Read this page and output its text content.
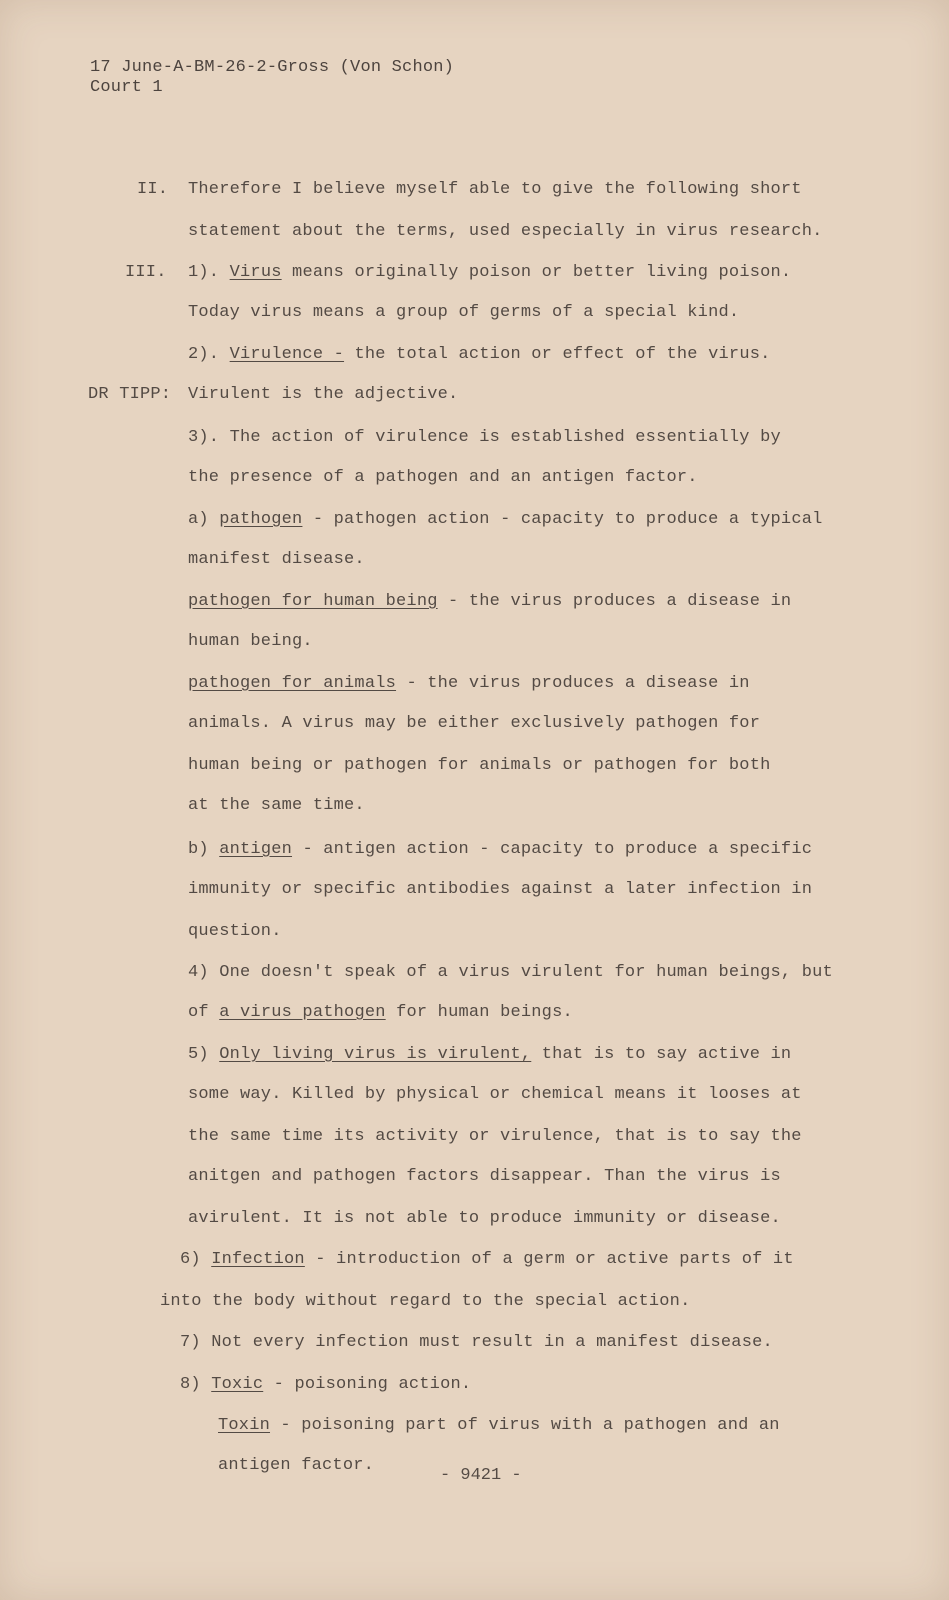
17 June-A-BM-26-2-Gross (Von Schon)
Court 1
II. Therefore I believe myself able to give the following short
statement about the terms, used especially in virus research.
III. 1). Virus means originally poison or better living poison.
Today virus means a group of germs of a special kind.
2). Virulence - the total action or effect of the virus.
DR TIPP: Virulent is the adjective.
3). The action of virulence is established essentially by
the presence of a pathogen and an antigen factor.
a) pathogen - pathogen action - capacity to produce a typical
manifest disease.
pathogen for human being - the virus produces a disease in
human being.
pathogen for animals - the virus produces a disease in
animals. A virus may be either exclusively pathogen for
human being or pathogen for animals or pathogen for both
at the same time.
b) antigen - antigen action - capacity to produce a specific
immunity or specific antibodies against a later infection in
question.
4) One doesn't speak of a virus virulent for human beings, but
of a virus pathogen for human beings.
5) Only living virus is virulent, that is to say active in
some way. Killed by physical or chemical means it looses at
the same time its activity or virulence, that is to say the
anitgen and pathogen factors disappear. Than the virus is
avirulent. It is not able to produce immunity or disease.
6) Infection - introduction of a germ or active parts of it
into the body without regard to the special action.
7) Not every infection must result in a manifest disease.
8) Toxic - poisoning action.
Toxin - poisoning part of virus with a pathogen and an
antigen factor.
- 9421 -
